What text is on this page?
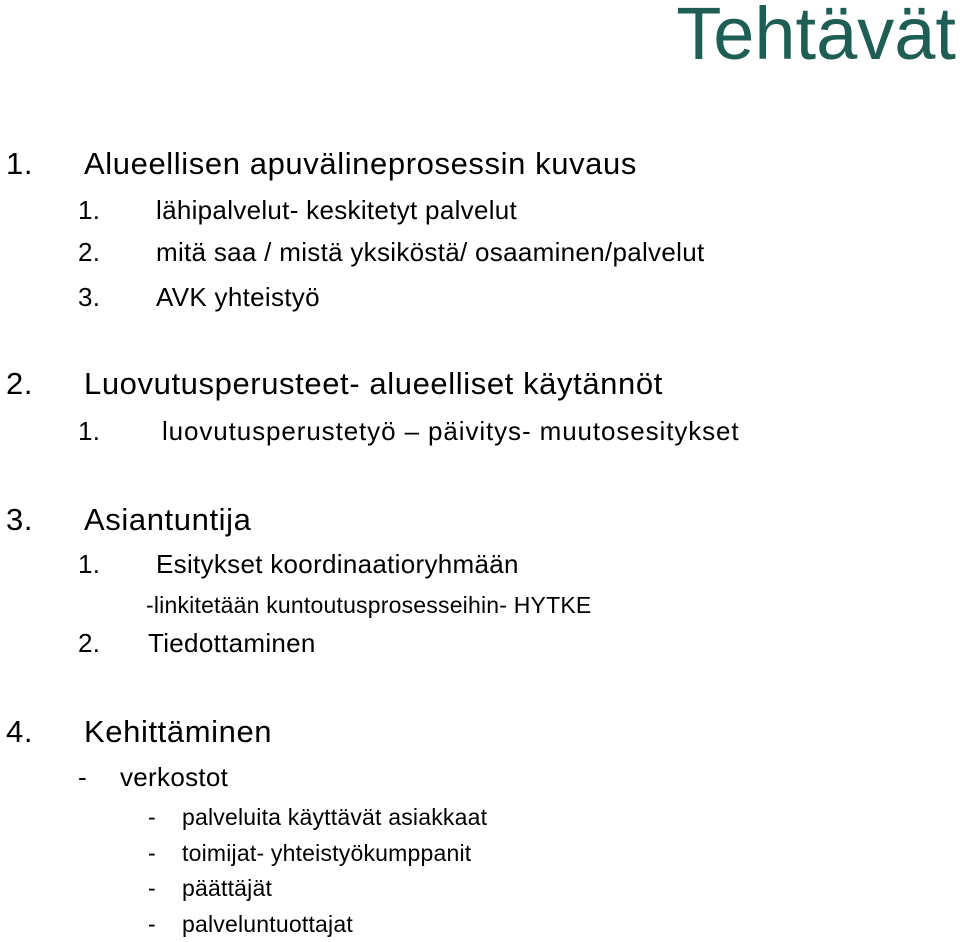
Tehtävät
1. Alueellisen apuvälineprosessin kuvaus
1. lähipalvelut- keskitetyt palvelut
2. mitä saa / mistä yksiköstä/ osaaminen/palvelut
3. AVK yhteistyö
2. Luovutusperusteet- alueelliset käytännöt
1. luovutusperustetyö – päivitys- muutosesitykset
3. Asiantuntija
1. Esitykset koordinaatioryhmään
-linkitetään kuntoutusprosesseihin- HYTKE
2. Tiedottaminen
4. Kehittäminen
- verkostot
- palveluita käyttävät asiakkaat
- toimijat- yhteistyökumppanit
- päättäjät
- palveluntuottajat
